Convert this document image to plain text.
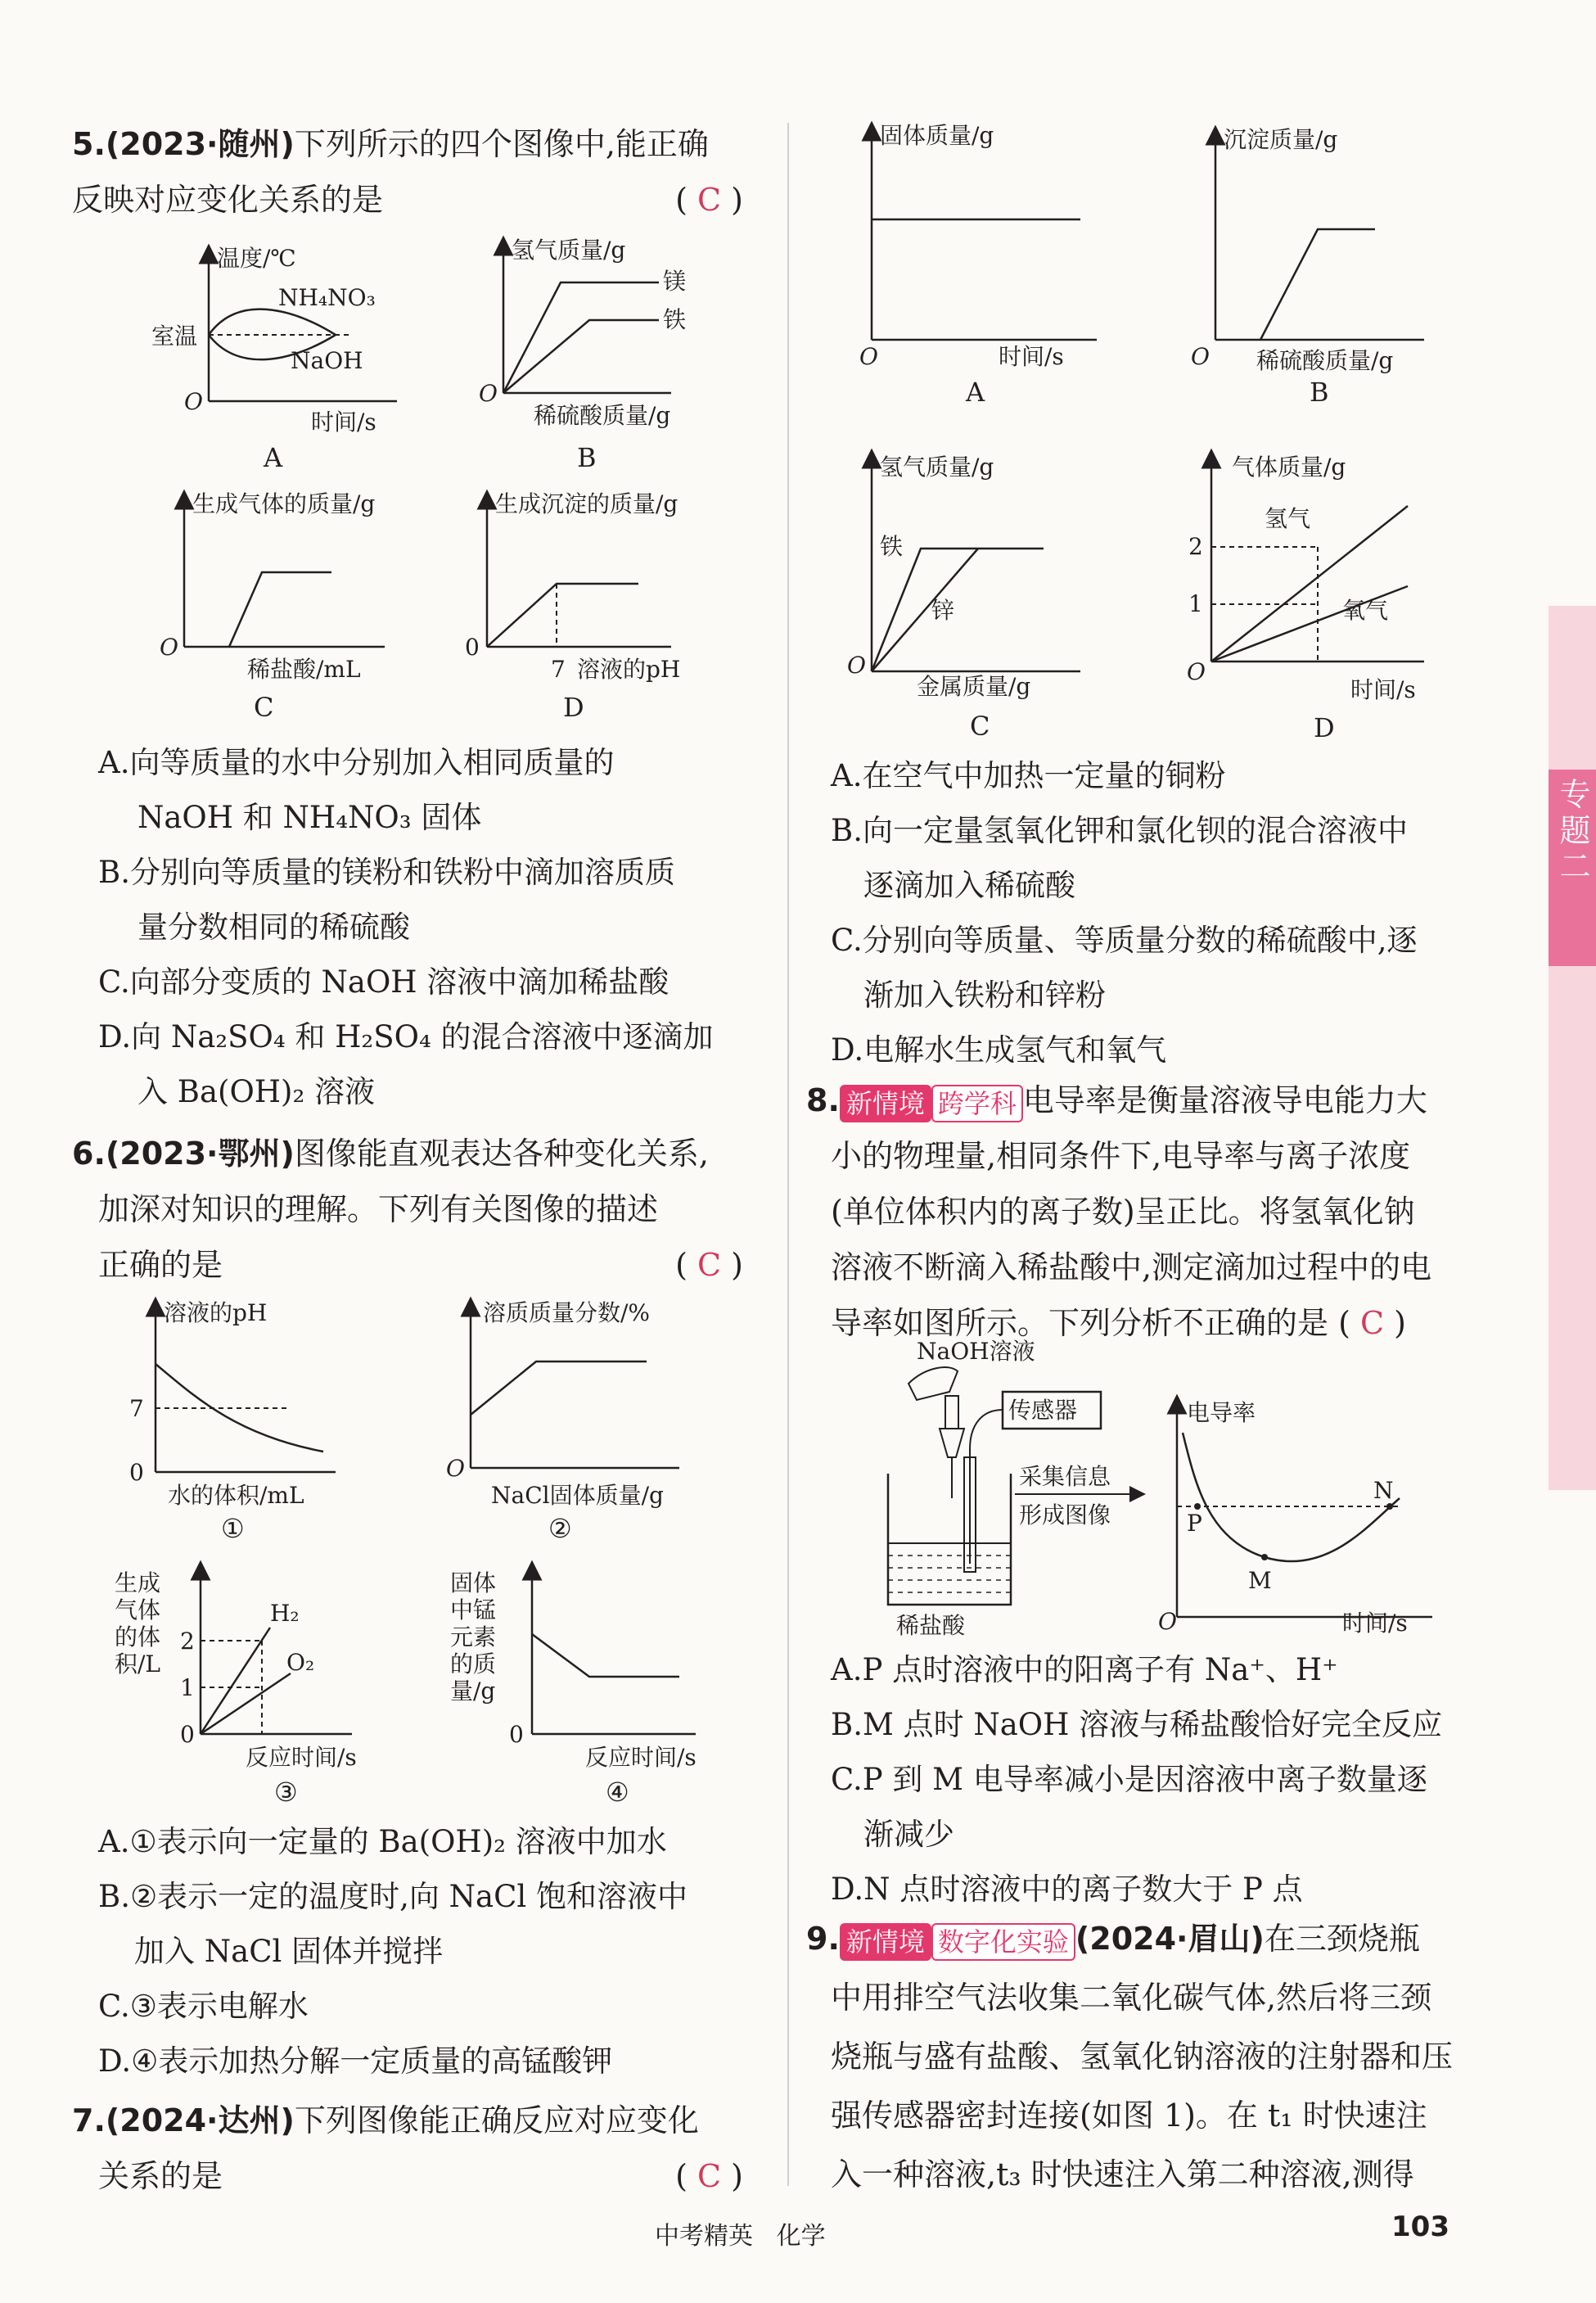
5.(2023·随州)下列所示的四个图像中,能正确
反映对应变化关系的是	( C )
温度/℃
室温
NH₄NO₃
NaOH
O
时间/s
A
氢气质量/g
镁
铁
O
稀硫酸质量/g
B
生成气体的质量/g
O
稀盐酸/mL
C
生成沉淀的质量/g
0
7 溶液的pH
D
A.向等质量的水中分别加入相同质量的
NaOH 和 NH₄NO₃ 固体
B.分别向等质量的镁粉和铁粉中滴加溶质质
量分数相同的稀硫酸
C.向部分变质的 NaOH 溶液中滴加稀盐酸
D.向 Na₂SO₄ 和 H₂SO₄ 的混合溶液中逐滴加
入 Ba(OH)₂ 溶液
6.(2023·鄂州)图像能直观表达各种变化关系,
加深对知识的理解。下列有关图像的描述
正确的是	( C )
溶液的pH
7
0
水的体积/mL
①
溶质质量分数/%
O
NaCl固体质量/g
②
生成
气体
的体
积/L
2
1
0
H₂
O₂
反应时间/s
③
固体
中锰
元素
的质
量/g
0
反应时间/s
④
A.①表示向一定量的 Ba(OH)₂ 溶液中加水
B.②表示一定的温度时,向 NaCl 饱和溶液中
加入 NaCl 固体并搅拌
C.③表示电解水
D.④表示加热分解一定质量的高锰酸钾
7.(2024·达州)下列图像能正确反应对应变化
关系的是	( C )
固体质量/g
O	时间/s
A
沉淀质量/g
O 稀硫酸质量/g
B
氢气质量/g
铁
锌
O
金属质量/g
C
气体质量/g
氢气
氧气
2
1
O
时间/s
D
A.在空气中加热一定量的铜粉
B.向一定量氢氧化钾和氯化钡的混合溶液中
逐滴加入稀硫酸
C.分别向等质量、等质量分数的稀硫酸中,逐
渐加入铁粉和锌粉
D.电解水生成氢气和氧气
8. 新情境 跨学科 电导率是衡量溶液导电能力大
小的物理量,相同条件下,电导率与离子浓度
(单位体积内的离子数)呈正比。将氢氧化钠
溶液不断滴入稀盐酸中,测定滴加过程中的电
导率如图所示。下列分析不正确的是 ( C )
NaOH溶液
传感器
采集信息
形成图像
稀盐酸
电导率
P
M
N
O	时间/s
A.P 点时溶液中的阳离子有 Na⁺、H⁺
B.M 点时 NaOH 溶液与稀盐酸恰好完全反应
C.P 到 M 电导率减小是因溶液中离子数量逐
渐减少
D.N 点时溶液中的离子数大于 P 点
9. 新情境 数字化实验 (2024·眉山)在三颈烧瓶
中用排空气法收集二氧化碳气体,然后将三颈
烧瓶与盛有盐酸、氢氧化钠溶液的注射器和压
强传感器密封连接(如图 1)。在 t₁ 时快速注
入一种溶液,t₃ 时快速注入第二种溶液,测得
专题二
中考精英 化学	103
